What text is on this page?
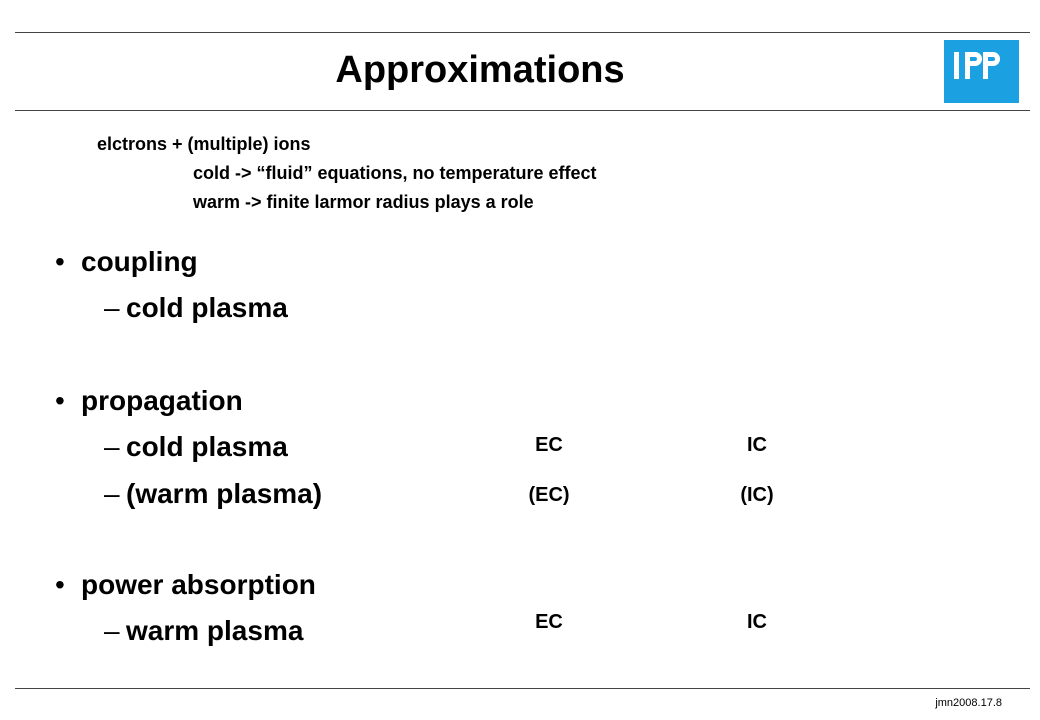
Approximations
elctrons + (multiple) ions
cold -> “fluid” equations, no temperature effect
warm -> finite larmor radius plays a role
• coupling
– cold plasma
• propagation
– cold plasma	EC	IC
– (warm plasma)	(EC)	(IC)
• power absorption
– warm plasma	EC	IC
jmn2008.17.8
